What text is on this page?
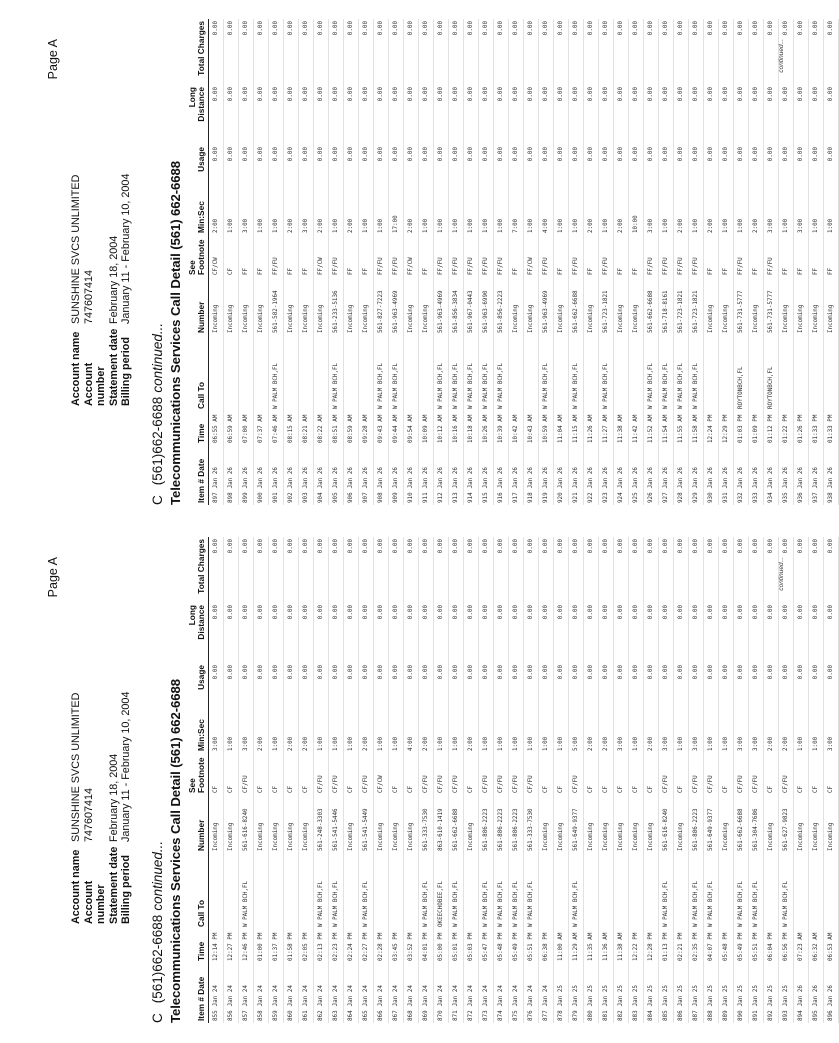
Page A
Account name
SUNSHINE SVCS UNLIMITED
Account number
747607414
Statement date
February 18, 2004
Billing period
January 11 - February 10, 2004
C(561)662-6688continued... Telecommunications Services Call Detail (561) 662-6688 Item # Date	Time	Call To	Number	See Footnote	Min:Sec	Usage	Long Distance	Total Charges
855Jan 24	12:14 PM		Incoming	CF	3:00	0.00	0.00	0.00
856Jan 24	12:27 PM		Incoming	CF	1:00	0.00	0.00	0.00
857Jan 24	12:46 PM	W PALM BCH,FL	561-616-8240	CF/FU	3:00	0.00	0.00	0.00
858Jan 24	01:00 PM		Incoming	CF	2:00	0.00	0.00	0.00
859Jan 24	01:37 PM		Incoming	CF	1:00	0.00	0.00	0.00
860Jan 24	01:58 PM		Incoming	CF	2:00	0.00	0.00	0.00
861Jan 24	02:05 PM		Incoming	CF	2:00	0.00	0.00	0.00
862Jan 24	02:13 PM	W PALM BCH,FL	561-248-3303	CF/FU	1:00	0.00	0.00	0.00
863Jan 24	02:23 PM	W PALM BCH,FL	561-541-5446	CF/FU	1:00	0.00	0.00	0.00
864Jan 24	02:24 PM		Incoming	CF	1:00	0.00	0.00	0.00
865Jan 24	02:27 PM	W PALM BCH,FL	561-541-5449	CF/FU	2:00	0.00	0.00	0.00
866Jan 24	02:28 PM		Incoming	CF/CW	1:00	0.00	0.00	0.00
867Jan 24	03:45 PM		Incoming	CF	1:00	0.00	0.00	0.00
868Jan 24	03:52 PM		Incoming	CF	4:00	0.00	0.00	0.00
869Jan 24	04:01 PM	W PALM BCH,FL	561-333-7530	CF/FU	2:00	0.00	0.00	0.00
870Jan 24	05:00 PM	OKEECHOBEE,FL	863-610-1419	CF/FU	1:00	0.00	0.00	0.00
871Jan 24	05:01 PM	W PALM BCH,FL	561-662-6688	CF/FU	1:00	0.00	0.00	0.00
872Jan 24	05:03 PM		Incoming	CF	2:00	0.00	0.00	0.00
873Jan 24	05:47 PM	W PALM BCH,FL	561-886-2223	CF/FU	1:00	0.00	0.00	0.00
874Jan 24	05:48 PM	W PALM BCH,FL	561-886-2223	CF/FU	1:00	0.00	0.00	0.00
875Jan 24	05:49 PM	W PALM BCH,FL	561-886-2223	CF/FU	1:00	0.00	0.00	0.00
876Jan 24	05:51 PM	W PALM BCH,FL	561-333-7530	CF/FU	1:00	0.00	0.00	0.00
877Jan 24	06:38 PM		Incoming	CF	1:00	0.00	0.00	0.00
878Jan 25	11:00 AM		Incoming	CF	1:00	0.00	0.00	0.00
879Jan 25	11:29 AM	W PALM BCH,FL	561-649-9377	CF/FU	5:00	0.00	0.00	0.00
880Jan 25	11:35 AM		Incoming	CF	2:00	0.00	0.00	0.00
881Jan 25	11:36 AM		Incoming	CF	2:00	0.00	0.00	0.00
882Jan 25	11:38 AM		Incoming	CF	3:00	0.00	0.00	0.00
883Jan 25	12:22 PM		Incoming	CF	1:00	0.00	0.00	0.00
884Jan 25	12:28 PM		Incoming	CF	2:00	0.00	0.00	0.00
885Jan 25	01:13 PM	W PALM BCH,FL	561-616-8240	CF/FU	3:00	0.00	0.00	0.00
886Jan 25	02:21 PM		Incoming	CF	1:00	0.00	0.00	0.00
887Jan 25	02:35 PM	W PALM BCH,FL	561-886-2223	CF/FU	3:00	0.00	0.00	0.00
888Jan 25	04:07 PM	W PALM BCH,FL	561-649-9377	CF/FU	1:00	0.00	0.00	0.00
889Jan 25	05:48 PM		Incoming	CF	1:00	0.00	0.00	0.00
890Jan 25	05:49 PM	W PALM BCH,FL	561-662-6688	CF/FU	3:00	0.00	0.00	0.00
891Jan 25	05:51 PM	W PALM BCH,FL	561-304-7686	CF/FU	3:00	0.00	0.00	0.00
892Jan 25	06:04 PM		Incoming	CF	2:00	0.00	0.00	0.00
893Jan 25	06:56 PM	W PALM BCH,FL	561-627-9823	CF/FU	2:00	0.00	0.00	0.00
894Jan 26	07:23 AM		Incoming	CF	1:00	0.00	0.00	0.00
895Jan 26	06:32 AM		Incoming	CF	1:00	0.00	0.00	0.00
896Jan 26	06:53 AM		Incoming	CF	3:00	0.00	0.00	0.00
continued...
Page A
Account name
SUNSHINE SVCS UNLIMITED
Account number
747607414
Statement date
February 18, 2004
Billing period
January 11 - February 10, 2004
C(561)662-6688continued... Telecommunications Services Call Detail (561) 662-6688 Item # Date	Time	Call To	Number	See Footnote	Min:Sec	Usage	Long Distance	Total Charges
897Jan 26	06:55 AM		Incoming	CF/CW	2:00	0.00	0.00	0.00
898Jan 26	06:59 AM		Incoming	CF	1:00	0.00	0.00	0.00
899Jan 26	07:00 AM		Incoming	FF	3:00	0.00	0.00	0.00
900Jan 26	07:37 AM		Incoming	FF	1:00	0.00	0.00	0.00
901Jan 26	07:46 AM	W PALM BCH,FL	561-582-1964	FF/FU	1:00	0.00	0.00	0.00
902Jan 26	08:15 AM		Incoming	FF	2:00	0.00	0.00	0.00
903Jan 26	08:21 AM		Incoming	FF	3:00	0.00	0.00	0.00
904Jan 26	08:22 AM		Incoming	FF/CW	2:00	0.00	0.00	0.00
905Jan 26	08:51 AM	W PALM BCH,FL	561-233-5136	FF/FU	1:00	0.00	0.00	0.00
906Jan 26	08:59 AM		Incoming	FF	2:00	0.00	0.00	0.00
907Jan 26	09:28 AM		Incoming	FF	1:00	0.00	0.00	0.00
908Jan 26	09:43 AM	W PALM BCH,FL	561-827-7223	FF/FU	1:00	0.00	0.00	0.00
909Jan 26	09:44 AM	W PALM BCH,FL	561-963-4969	FF/FU	17:00	0.00	0.00	0.00
910Jan 26	09:54 AM		Incoming	FF/CW	2:00	0.00	0.00	0.00
911Jan 26	10:09 AM		Incoming	FF	1:00	0.00	0.00	0.00
912Jan 26	10:12 AM	W PALM BCH,FL	561-963-4969	FF/FU	1:00	0.00	0.00	0.00
913Jan 26	10:16 AM	W PALM BCH,FL	561-856-3834	FF/FU	1:00	0.00	0.00	0.00
914Jan 26	10:18 AM	W PALM BCH,FL	561-967-0443	FF/FU	1:00	0.00	0.00	0.00
915Jan 26	10:26 AM	W PALM BCH,FL	561-963-6990	FF/FU	1:00	0.00	0.00	0.00
916Jan 26	10:39 AM	W PALM BCH,FL	561-856-2223	FF/FU	1:00	0.00	0.00	0.00
917Jan 26	10:42 AM		Incoming	FF	7:00	0.00	0.00	0.00
918Jan 26	10:43 AM		Incoming	FF/CW	1:00	0.00	0.00	0.00
919Jan 26	10:59 AM	W PALM BCH,FL	561-963-4969	FF/FU	4:00	0.00	0.00	0.00
920Jan 26	11:04 AM		Incoming	FF	1:00	0.00	0.00	0.00
921Jan 26	11:15 AM	W PALM BCH,FL	561-662-6688	FF/FU	1:00	0.00	0.00	0.00
922Jan 26	11:26 AM		Incoming	FF	2:00	0.00	0.00	0.00
923Jan 26	11:27 AM	W PALM BCH,FL	561-723-1821	FF/FU	1:00	0.00	0.00	0.00
924Jan 26	11:38 AM		Incoming	FF	2:00	0.00	0.00	0.00
925Jan 26	11:42 AM		Incoming	FF	10:00	0.00	0.00	0.00
926Jan 26	11:52 AM	W PALM BCH,FL	561-662-6688	FF/FU	3:00	0.00	0.00	0.00
927Jan 26	11:54 AM	W PALM BCH,FL	561-718-8161	FF/FU	1:00	0.00	0.00	0.00
928Jan 26	11:55 AM	W PALM BCH,FL	561-723-1821	FF/FU	2:00	0.00	0.00	0.00
929Jan 26	11:58 AM	W PALM BCH,FL	561-723-1821	FF/FU	1:00	0.00	0.00	0.00
930Jan 26	12:24 PM		Incoming	FF	2:00	0.00	0.00	0.00
931Jan 26	12:29 PM		Incoming	FF	1:00	0.00	0.00	0.00
932Jan 26	01:03 PM	ROYTONBCH,FL	561-731-5777	FF/FU	1:00	0.00	0.00	0.00
933Jan 26	01:09 PM		Incoming	FF	2:00	0.00	0.00	0.00
934Jan 26	01:12 PM	ROYTONBCH,FL	561-731-5777	FF/FU	3:00	0.00	0.00	0.00
935Jan 26	01:22 PM		Incoming	FF	1:00	0.00	0.00	0.00
936Jan 26	01:26 PM		Incoming	FF	3:00	0.00	0.00	0.00
937Jan 26	01:33 PM		Incoming	FF	1:00	0.00	0.00	0.00
938Jan 26	01:33 PM		Incoming	FF	1:00	0.00	0.00	0.00
continued...
